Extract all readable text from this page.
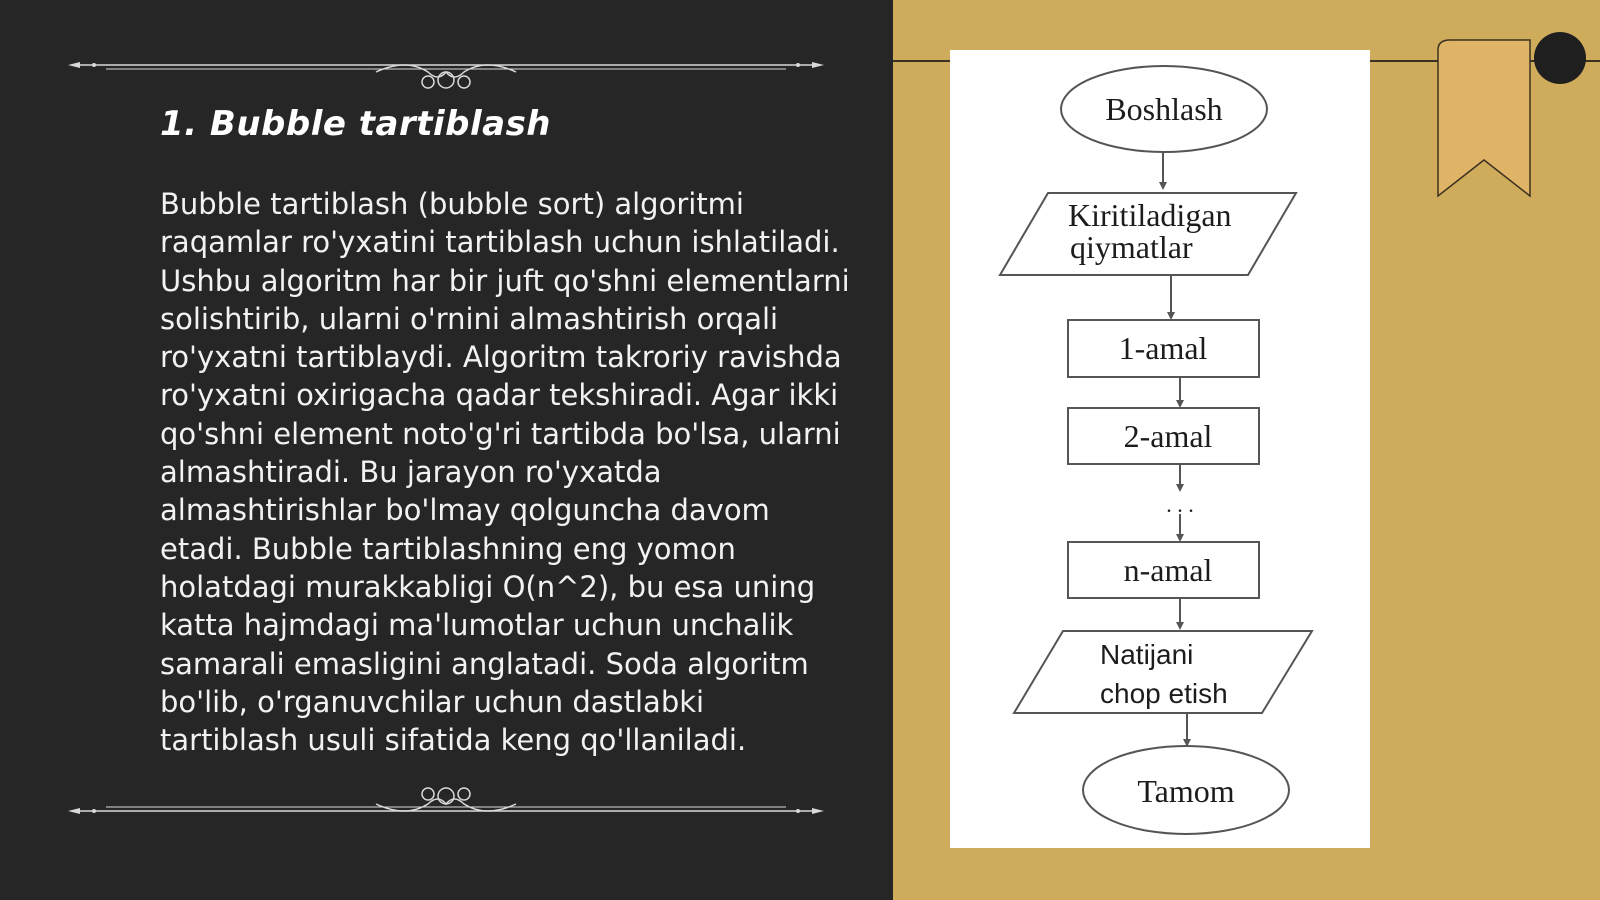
1. Bubble tartiblash

Bubble tartiblash (bubble sort) algoritmi raqamlar ro'yxatini tartiblash uchun ishlatiladi. Ushbu algoritm har bir juft qo'shni elementlarni solishtirib, ularni o'rnini almashtirish orqali ro'yxatni tartiblaydi. Algoritm takroriy ravishda ro'yxatni oxirigacha qadar tekshiradi. Agar ikki qo'shni element noto'g'ri tartibda bo'lsa, ularni almashtiradi. Bu jarayon ro'yxatda almashtirishlar bo'lmay qolguncha davom etadi. Bubble tartiblashning eng yomon holatdagi murakkabligi O(n^2), bu esa uning katta hajmdagi ma'lumotlar uchun unchalik samarali emasligini anglatadi. Soda algoritm bo'lib, o'rganuvchilar uchun dastlabki tartiblash usuli sifatida keng qo'llaniladi.

Boshlash
Kiritiladigan
qiymatlar
1-amal
2-amal
. . .
n-amal
Natijani
chop etish
Tamom
